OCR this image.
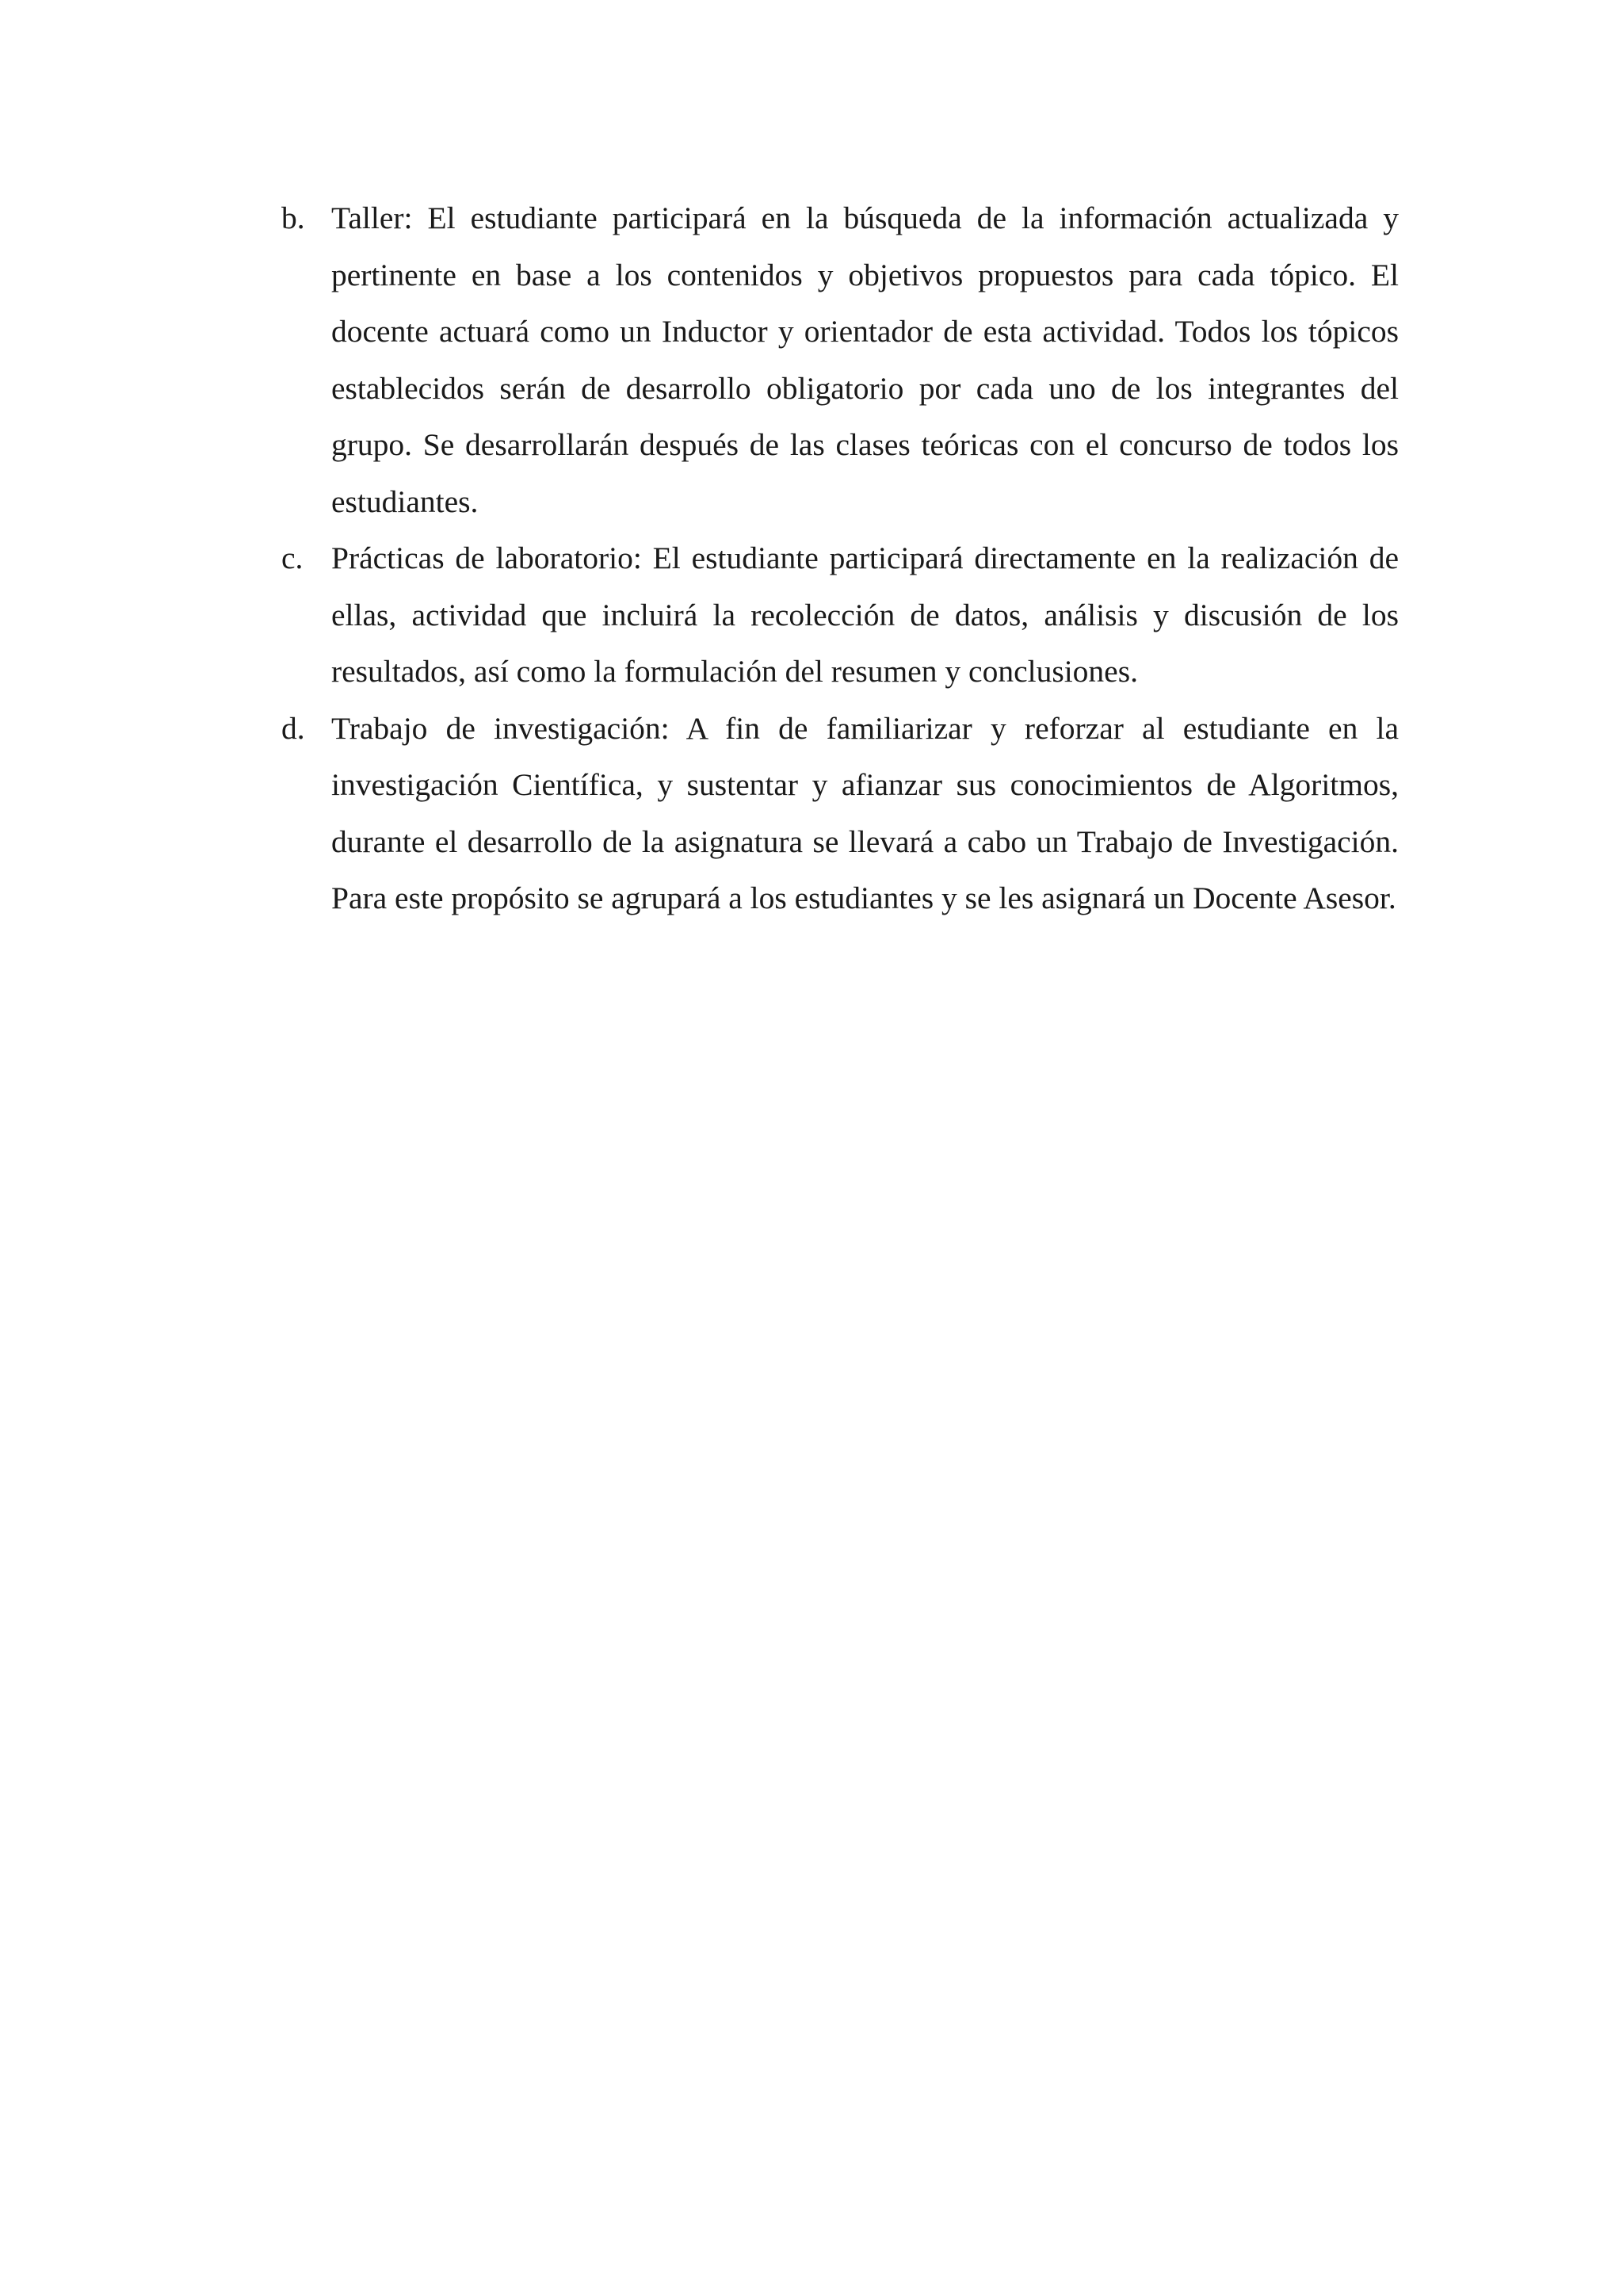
b. Taller: El estudiante participará en la búsqueda de la información actualizada y pertinente en base a los contenidos y objetivos propuestos para cada tópico. El docente actuará como un Inductor y orientador de esta actividad. Todos los tópicos establecidos serán de desarrollo obligatorio por cada uno de los integrantes del grupo. Se desarrollarán después de las clases teóricas con el concurso de todos los estudiantes.
c. Prácticas de laboratorio: El estudiante participará directamente en la realización de ellas, actividad que incluirá la recolección de datos, análisis y discusión de los resultados, así como la formulación del resumen y conclusiones.
d. Trabajo de investigación: A fin de familiarizar y reforzar al estudiante en la investigación Científica, y sustentar y afianzar sus conocimientos de Algoritmos, durante el desarrollo de la asignatura se llevará a cabo un Trabajo de Investigación. Para este propósito se agrupará a los estudiantes y se les asignará un Docente Asesor.
